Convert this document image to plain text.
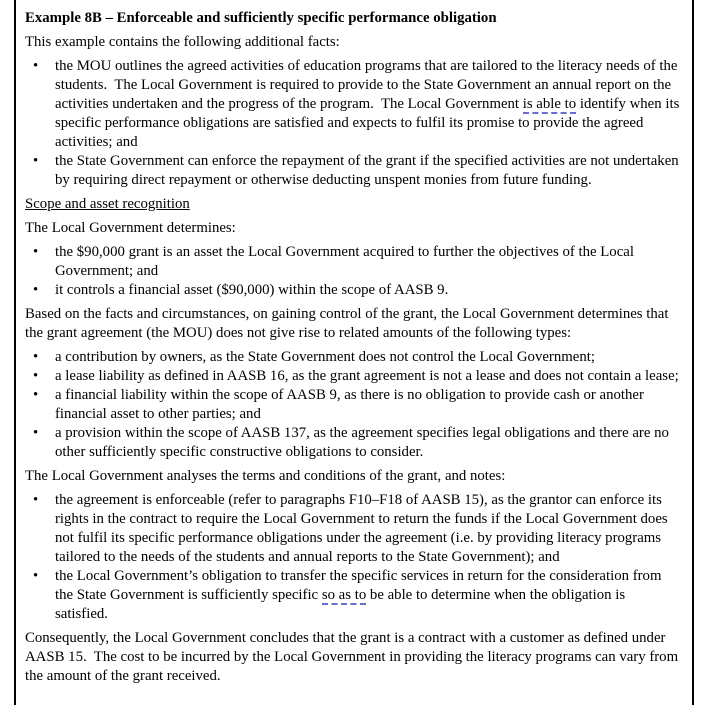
Example 8B – Enforceable and sufficiently specific performance obligation
This example contains the following additional facts:
• the MOU outlines the agreed activities of education programs that are tailored to the literacy needs of the students.  The Local Government is required to provide to the State Government an annual report on the activities undertaken and the progress of the program.  The Local Government is able to identify when its specific performance obligations are satisfied and expects to fulfil its promise to provide the agreed activities; and
• the State Government can enforce the repayment of the grant if the specified activities are not undertaken by requiring direct repayment or otherwise deducting unspent monies from future funding.
Scope and asset recognition
The Local Government determines:
• the $90,000 grant is an asset the Local Government acquired to further the objectives of the Local Government; and
• it controls a financial asset ($90,000) within the scope of AASB 9.
Based on the facts and circumstances, on gaining control of the grant, the Local Government determines that the grant agreement (the MOU) does not give rise to related amounts of the following types:
• a contribution by owners, as the State Government does not control the Local Government;
• a lease liability as defined in AASB 16, as the grant agreement is not a lease and does not contain a lease;
• a financial liability within the scope of AASB 9, as there is no obligation to provide cash or another financial asset to other parties; and
• a provision within the scope of AASB 137, as the agreement specifies legal obligations and there are no other sufficiently specific constructive obligations to consider.
The Local Government analyses the terms and conditions of the grant, and notes:
• the agreement is enforceable (refer to paragraphs F10–F18 of AASB 15), as the grantor can enforce its rights in the contract to require the Local Government to return the funds if the Local Government does not fulfil its specific performance obligations under the agreement (i.e. by providing literacy programs tailored to the needs of the students and annual reports to the State Government); and
• the Local Government’s obligation to transfer the specific services in return for the consideration from the State Government is sufficiently specific so as to be able to determine when the obligation is satisfied.
Consequently, the Local Government concludes that the grant is a contract with a customer as defined under AASB 15.  The cost to be incurred by the Local Government in providing the literacy programs can vary from the amount of the grant received.
